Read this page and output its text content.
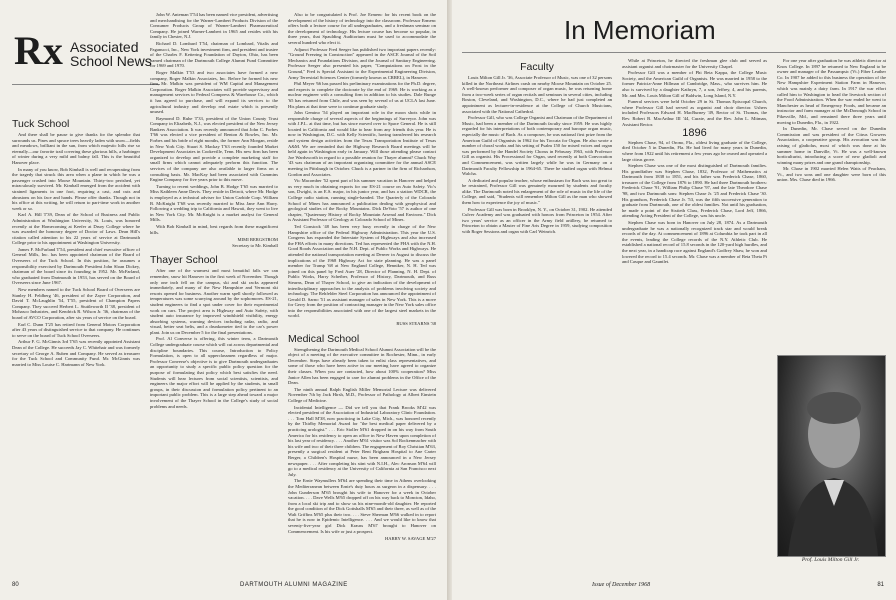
Rx Associated School News
Tuck School

And there shall be pause to give thanks for the splendor that surrounds us. Pines and spruce trees heavily laden with snow—fields and meadows, brilliant in the sun, from which majestic hills rise so eternally—our favorite trail covering these glorious hills, a harbinger of winter during a very mild and balmy fall. This is the beautiful Hanover place.

In many of you know, Bob Kimball is well and recuperating from the tragedy that struck this area when a plane in which he was a passenger crashed into Moose Mountain. Thirty-two perished, yet miraculously survived. Mr. Kimball emerged from the accident with strained ligaments in one foot, requiring a cast, and cuts and abrasions on his face and hands. Please offer thanks. Though not in his office at this writing, he will return to part-time work in another week or so.

Karl A. Hill T'39, Dean of the School of Business and Public Administration at Washington University, St. Louis, was honored recently at the Homecoming at Keefer at Drury College where he was awarded the honorary degree of Doctor of Laws. Dean Hill's citation called attention to his 22 years of service at Dartmouth College prior to his appointment at Washington University.

James F. McFarland T'54, president and chief executive officer of General Mills, Inc. has been appointed chairman of the Board of Overseers of the Tuck School. In this position, he assumes a responsibility exercised by Dartmouth President John Sloan Dickey, chairman of the board since its founding in 1952. Mr. McFarland, who graduated from Dartmouth in 1953, has served on the Board of Overseers since June 1967.

New members named to the Tuck School Board of Overseers are Stanley H. Feldberg '46, president of the Zayre Corporation, and David T. McLaughlin '54, T'55, president of Champion Papers Company. They succeed Herbert L. Stuttleworth II '38, president of Mohasco Industries, and Kendrick R. Wilson Jr. '36, chairman of the board of AVCO Corporation, after six years of service on the board.

Earl C. Dunn T'25 has retired from General Motors Corporation after 43 years of distinguished service to that company. He continues to serve on the board of Tuck School Overseers.

Arthur F. G. McGinnis 3rd T'65 was recently appointed Assistant Dean of the College. He succeeds Jay C. Whitehair and was formerly secretary of George A. Ruben and Company. He served as treasurer for the Tuck School and Community Fund. Mr. McGinnis was married to Miss Louise C. Hartmann of New York.

John W. Anteman T'54 has been named vice president, advertising and merchandising for the Warner-Lambert Products Division of the Consumer Products Group of Warner-Lambert Pharmaceutical Company. He joined Warner-Lambert in 1965 and resides with his family in Chester, N.J.

Richard D. Lombard T'54, chairman of Lombard, Vitalis and Paganucci, Inc., New York investment firm, and president and trustee of the Charles F. Kettering Foundation of Dayton, Ohio, has been named chairman of the Dartmouth College Alumni Fund Committee for 1969 and 1970.

Roger Malkin T'53 and two associates have formed a new company, Roger Malkin Associates, Inc. Before he formed his new firm, Mr. Malkin was president of WM Capital and Management Corporation. Roger Malkin Associates will provide supervisory and management services to Federal Compress & Warehouse Co., which it has agreed to purchase, and will expand its services to the agricultural industry and develop real estate which is presently unused.

Raymond D. Ruhe T'33, president of the Union County Trust Company in Elizabeth, N.J., was elected president of the New Jersey Bankers Association. It was recently announced that John C. Forbes T'66 was elected a vice president of Benton & Bowles, Inc. Mr. Forbes and his bride of eight months, the former Ann Morgan, reside in New York City. Stuart S. Mackay T'63 recently founded Market Development Associates in Cookeville, Tenn. His new firm has been organized to develop and provide a complete marketing staff for small firms which cannot adequately perform this function. The services of the company are also available to larger firms on a consulting basis. Mr. MacKay had been associated with Cummins Engine Company for five years prior to this move.

Turning to recent weddings, John B. Hodge T'65 was married to Miss Kathleen Anne Davis. They reside in Detroit, where Mr. Hodge is employed as a technical adviser for Union Carbide Corp. William B. McKnight T'68 was recently married to Miss Jane Ann Harry. Following a wedding trip to California and Hawaii, they went to live in New York City. Mr. McKnight is a market analyst for General Mills.

With Bob Kimball in mind, best regards from these magnificent hills.

MIMI BERGSTROM
Secretary to Mr. Kimball
Thayer School

After one of the warmest and most beautiful falls we can remember, snow hit Hanover in the first week of November. Though only one inch fell on the campus, ski and ski racks appeared immediately, and many of the New Hampshire and Vermont ski resorts opened for business. Another warm spell shortly followed as temperatures was some scurrying around by the sophomores. ES-21, student engineers to find a spot under cover for their experimental work on cars. The project area is Highway and Auto Safety, with student auto insurance by improved windshield visibility, energy absorbing systems, warning devices including radar, radio, and visual, better seat belts, and a drunkometer tied to the car's power plant. Join us on December 5 for the final presentations.

Prof. Al Converse is offering, this winter term, a Dartmouth College undergraduate course which will cut across departmental and discipline boundaries. This course, Introduction to Policy Formulation, is open to all upperclassmen regardless of major. Professor Converse's objective is to give Dartmouth undergraduates an opportunity to study a specific public policy question for the purpose of formulating that policy which best satisfies the need. Students will hear lectures from social scientists, scientists, and engineers the major effort will be applied by the students, in small groups, in their discussion and formulation policy pertinent to an important public problem. This is a large step ahead toward a major involvement of the Thayer School in the College's study of social problems and needs.

Also to be congratulated is Prof. Joe Ermenc for his recent book on the development of the history of technology into the classroom. Professor Ermenc offers both a lecture course for all undergraduates, and a freshman seminar on the development of technology. His lecture course has become so popular, in three years, that Spaulding Auditorium must be used to accommodate the several hundred who elect it.

Adjunct Professor Fred Seeger has published two important papers recently: "Ground Freezing in Construction" appeared in the ASCE Journal of the Soil Mechanics and Foundations Division, and the Journal of Sanitary Engineering. Professor Seeger also presented his paper, "Computations on Frost in the Ground," Fred is Special Assistant to the Experimental Engineering Division, Army Terrestrial Sciences Center (formerly known as CRREL), in Hanover.

Phil Meyer '66 has passed his preliminary examinations for the Ph.D. degree, and expects to complete the doctorate by the end of 1969. He is working as a nuclear engineer with a consulting firm in addition to his studies. Dale Runge '65 has returned from Chile, and was seen by several of us at UCLA last June. His plans at that time were to continue graduate study.

John Gemino '54 played an important role in the moon shots while in responsible charge of several aspects of the beginnings of Surveyor. John was with J.P.L. at that time, but has since moved over to Space General. He is still located in California and would like to hear from any friends this year. He is now in Washington, D.C. with Kelly Scientific, having transferred his research and system design activities from the Texas Transportation Institute of Texas A&M. We are reminded that the Highway Research Board meetings will be held again in Washington early in January. Will those attending please contact Joe Wardsworth in regard to a possible reunion for Thayer alumni? Chuck Way '43 was chairman of an important organizing committee for the annual ASCE meeting in Pittsburgh in October. Chuck is a partner in the firm of Richardson, Gordon and Associates.

Vic Macomber '52 spent part of his summer vacation in Hanover and helped us very much in obtaining exports for our ES-21 course on Auto Safety. Vic's son, Dwight, is an E.S. major, in his junior year, and has a station WDCR, the College radio station, running single-handed. The Quarterly of the Colorado School of Mines has announced a publication dealing with geophysical and geological studies of the Rocky Mountains. Dick DeVoto '57 is author of one chapter, "Quaternary History of Rocky Mountain Arsenal and Environs." Dick is Assistant Professor of Geology at Colorado School of Mines.

Ted Constock '48 has been very busy recently in charge of the New Hampshire office of the Federal Highway Administration. This year the U.S. Congress has expanded the Interstate System of Highways and also increased the FHA efforts in many directions. Ted has represented the FHA with the N.H. Good Roads Association and the N.H. Dept. of Public Works and Highways. He attended the national transportation meeting at Denver in August to discuss the implications of the 1968 Highway Act for state planning. He was a panel member for Transp '68 at New England College, Henniker, N. H. Ted was joined on this panel by Fred Auer '28, Director of Planning, N. H. Dept. of Public Works, Harry Scheiber, Professor of History, Dartmouth, and Russ Stearns, Dean of Thayer School, to give an indication of the development of interdisciplinary approaches to the analysis of problems involving society and technology. The Rehfelder Steel Corporation has announced the appointment of Gerald D. Sarno '51 as assistant manager of sales in New York. This is a move for Gerry from the position of contracting manager in the New York sales office into the responsibilities associated with one of the largest steel markets in the world.

RUSS STEARNS '38
Medical School

Strengthening the Dartmouth Medical School Alumni Association will be the object of a meeting of the executive committee in Rochester, Minn., in early December. Steps have already been taken to enlist class representatives, and some of those who have been active in our meeting have agreed to organize their classes. When you are contacted, how about 100% cooperation? Miss Janice Allen has been engaged to care for alumni problems in the Office of the Dean.

The ninth annual Ralph English Miller Memorial Lecture was delivered November 7th by Jack Hirsh, M.D., Professor of Pathology at Albert Einstein College of Medicine.

Incidental Intelligence — Did we tell you that Frank Brooks M'42 was elected president of the Association of Industrial Laboratory Clinic Foundation. . . . Tom Hall M'38, now practicing in Lake City, Mich., was honored recently by the Thirlby Memorial Award for "the best medical paper delivered by a practicing urologist." . . . Eric Stoller M'61 dropped in on his way from South America for his residency to open an office in New Haven upon completion of his last year of residency. . . . Another M'61 visitor was Sol Rockenmacher with his wife and two of their three children. The engagement of Roy Christian M'63, presently a surgical resident at Peter Bent Brigham Hospital to Ane Carter Berger, a Children's Hospital nurse, has been announced in a New Jersey newspaper. . . . After completing his stint with N.I.H., Alec Aronson M'64 will go to a medical residency at the University of California at San Francisco next July.

The Ernie Waymullers M'64 are spending their time in Athens overlooking the Mediterranean between Ernie's duty hours as surgeon in a dispensary. . . . John Gunderson M'65 brought his wife to Hanover for a week in October vacation. . . . Dave Wells M'65 dropped off on his way back to Moncton, Idaho, from a local ski trip and to show us his nine-month-old daughter. He reported the good condition of the Dick Gottshalls M'65 and their three, as well as of the Walt Griffins M'65 plus their two. . . . Steve Sherman M'66 walked in to report that he is now in Epidemic Intelligence. . . . And we would like to know that seventy-five-year girl Dick Krauss M'67 brought to Hanover on Commencement. Is his wife or just a prospect.

HARRY W. SAVAGE M'27
80	DARTMOUTH ALUMNI MAGAZINE
In Memoriam
Faculty

Louis Milton Gill Jr. '36, Associate Professor of Music, was one of 32 persons killed in the Northeast Airlines crash on nearby Moose Mountain on October 25. A well-known performer and composer of organ music, he was returning home from a two-week series of organ recitals and seminars in several cities, including Boston, Cleveland, and Washington, D.C., where he had just completed an appointment as lecturer-in-residence at the College of Church Musicians, associated with the National Cathedral.

Professor Gill, who was College Organist and Chairman of the Department of Music, had been a member of the Dartmouth faculty since 1959. He was highly regarded for his interpretations of both contemporary and baroque organ music, especially the music of Bach. As a composer, he was national first prize from the American Guild of Organists in 1962 for his Toccata for Organ. He also wrote a number of choral works and his setting of Psalm 150 for mixed voices and organ was performed by the Handel Society Chorus in February 1963, with Professor Gill as organist. His Processional for Organ, used recently at both Convocation and Commencement, was written largely while he was in Germany on a Dartmouth Faculty Fellowship in 1964-65. There he studied organ with Helmut Walcha.

A dedicated and popular teacher, whose enthusiasm for Bach was too great to be restrained, Professor Gill was genuinely mourned by students and faculty alike. The Dartmouth noted his enlargement of the role of music in the life of the College, and said, "Students will remember Milton Gill as the man who showed them how to experience the joy of music."

Professor Gill was born in Brooklyn, N. Y., on October 31, 1902. He attended Culver Academy and was graduated with honors from Princeton in 1954. After two years' service as an officer in the Army field artillery, he returned to Princeton to obtain a Master of Fine Arts Degree in 1959, studying composition with Roger Sessions and organ with Carl Weinrich.

While at Princeton, he directed the freshman glee club and served as assistant organist and choirmaster for the University Chapel.

Professor Gill was a member of Phi Beta Kappa, the College Music Society, and the American Guild of Organists. He was married in 1958 to the former Patricia-Anne Hillman of Cambridge, Mass., who survives him. He also is survived by a daughter Kathryn, 7, a son, Jeffrey, 4, and his parents, Mr. and Mrs. Louis Milton Gill of Baldwin, Long Island, N.Y.

Funeral services were held October 29 in St. Thomas Episcopal Church, where Professor Gill had served as organist and choir director. Ushers included Professors Edward H. MacBurney '49, Rector of St. Thomas, the Rev. Robert B. MacArthur III '44, Curate, and the Rev. John L. Mitman, Assistant Rector.

1896

Stephen Chase, 94, of Orono, Fla., oldest living graduate of the College, died October 5 in Dunedin, Fla. He had lived for many years in Dunedin, where from 1922 until his retirement a few years ago he owned and operated a large citrus grove.

Stephen Chase was one of the most distinguished of Dartmouth families. His grandfather was Stephen Chase, 1832, Professor of Mathematics at Dartmouth from 1838 to 1851, and his father was Frederick Chase, 1860, treasurer of the College from 1876 to 1890. He had three Dartmouth brothers: Frederick Chase '91, William Philip Chase '97, and the late Theodore Chase '98, and two Dartmouth sons: Stephen Chase Jr. '25 and Frederick Chase '30. His grandson, Frederick Chase Jr. '53, was the fifth successive generation to graduate from Dartmouth, one of the oldest families. Not until his graduation, he made a point of the Sixtieth Class, Frederick Chase, Lord Jeff, 1866, attending Acting President of the College, was his uncle.

Stephen Chase was born in Hanover on July 28, 1874. As a Dartmouth undergraduate he was a nationally recognized track star and would break records of the day. At commencement of 1896 at Columbia he took part in all the events, leading the College records of the N.Y. Athletic Club. He established a national record of 15.8 seconds in the 120-yard high hurdles, and the next year, in a handicap race against England's Godfrey Shaw, he won and lowered the record to 15.4 seconds. Mr. Chase was a member of Beta Theta Pi and Casque and Gauntlet.

For one year after graduation he was athletic director at Knox College. In 1897 he returned to New England to be owner and manager of the Passumpsic (Vt.) Fiber Leather Co. In 1907 he added to this business the operation of the New Hampshire Experiment Station Farm in Hanover, which was mainly a dairy farm. In 1917 the war effort called him to Washington to head the livestock section of the Food Administration. When the war ended he went to Manchester as head of Emergency Foods, and became an instructor and farm manager at the McDonough School in Pikesville, Md., and remained there three years until moving to Dunedin, Fla., in 1922.

In Dunedin, Mr. Chase served on the Dunedin Commission and was president of the Citrus Growers Association, a cooperative group. His avocation was the raising of gladiolus, most of which was done at his summer home in Danville, Vt. He was a well-known horticulturist, introducing a score of new gladioli and winning many prizes and one grand championship.

Mr. Chase in 1902 married Helen Watts of Peacham, Vt., and two sons and one daughter were born of this union. Mrs. Chase died in 1966.

Prof. Louis Milton Gill Jr.
Issue of December 1968	81
